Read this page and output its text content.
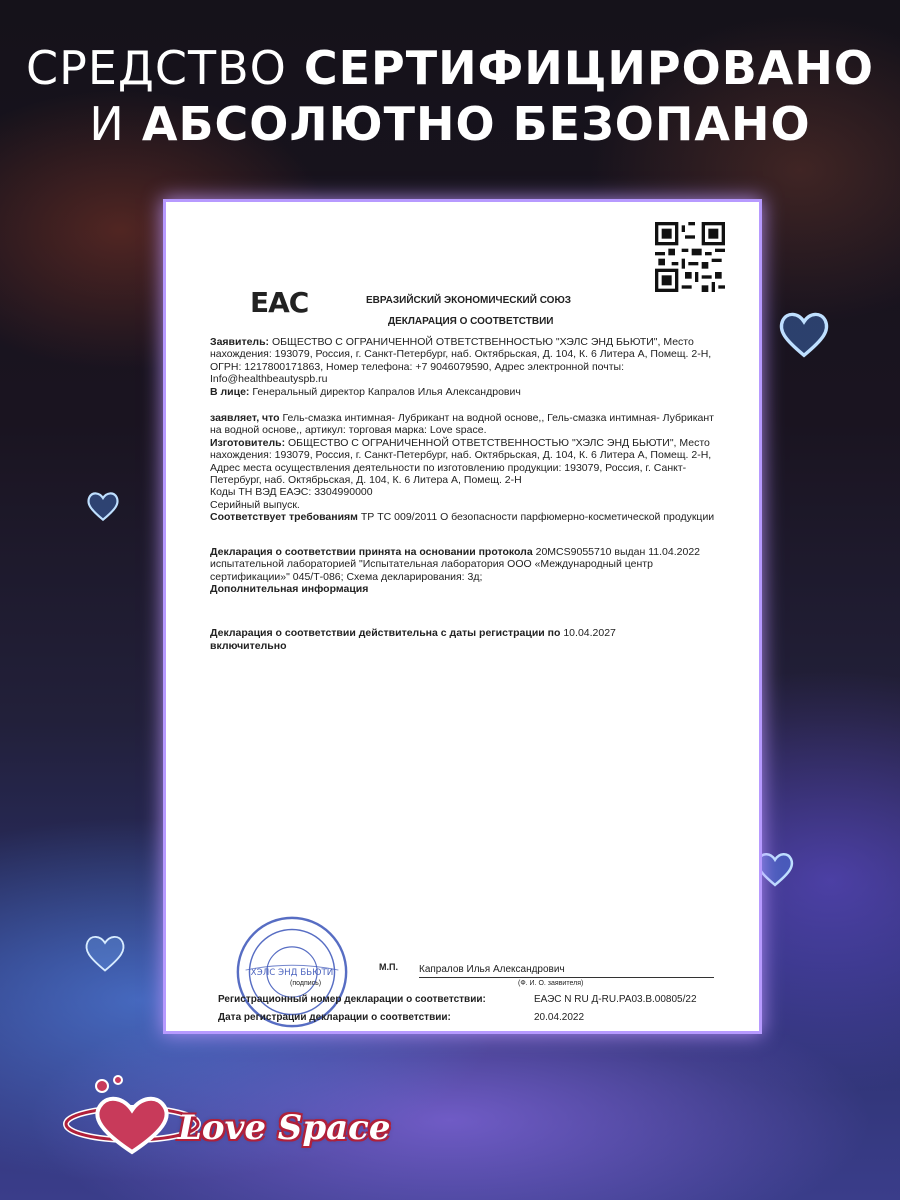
СРЕДСТВО СЕРТИФИЦИРОВАНО
И АБСОЛЮТНО БЕЗОПАНО
EAC	ЕВРАЗИЙСКИЙ ЭКОНОМИЧЕСКИЙ СОЮЗ
ДЕКЛАРАЦИЯ О СООТВЕТСТВИИ

Заявитель: ОБЩЕСТВО С ОГРАНИЧЕННОЙ ОТВЕТСТВЕННОСТЬЮ "ХЭЛС ЭНД БЬЮТИ", Место нахождения: 193079, Россия, г. Санкт-Петербург, наб. Октябрьская, Д. 104, К. 6 Литера А, Помещ. 2-Н, ОГРН: 1217800171863, Номер телефона: +7 9046079590, Адрес электронной почты: Info@healthbeautyspb.ru

В лице: Генеральный директор Капралов Илья Александрович

заявляет, что Гель-смазка интимная- Лубрикант на водной основе,, Гель-смазка интимная- Лубрикант на водной основе,, артикул: торговая марка: Love space.

Изготовитель: ОБЩЕСТВО С ОГРАНИЧЕННОЙ ОТВЕТСТВЕННОСТЬЮ "ХЭЛС ЭНД БЬЮТИ", Место нахождения: 193079, Россия, г. Санкт-Петербург, наб. Октябрьская, Д. 104, К. 6 Литера А, Помещ. 2-Н, Адрес места осуществления деятельности по изготовлению продукции: 193079, Россия, г. Санкт-Петербург, наб. Октябрьская, Д. 104, К. 6 Литера А, Помещ. 2-Н

Коды ТН ВЭД ЕАЭС: 3304990000

Серийный выпуск.

Соответствует требованиям ТР ТС 009/2011 О безопасности парфюмерно-косметической продукции

Декларация о соответствии принята на основании протокола 20MCS9055710 выдан 11.04.2022 испытательной лабораторией "Испытательная лаборатория ООО «Международный центр сертификации»" 045/Т-086; Схема декларирования: 3д;

Дополнительная информация

Декларация о соответствии действительна с даты регистрации по 10.04.2027
включительно

ХЭЛС ЭНД БЬЮТИ
М.П. Капралов Илья Александрович
(подпись)	(Ф. И. О. заявителя)
Регистрационный номер декларации о соответствии:	ЕАЭС N RU Д-RU.PA03.B.00805/22
Дата регистрации декларации о соответствии:	20.04.2022
Love Space
